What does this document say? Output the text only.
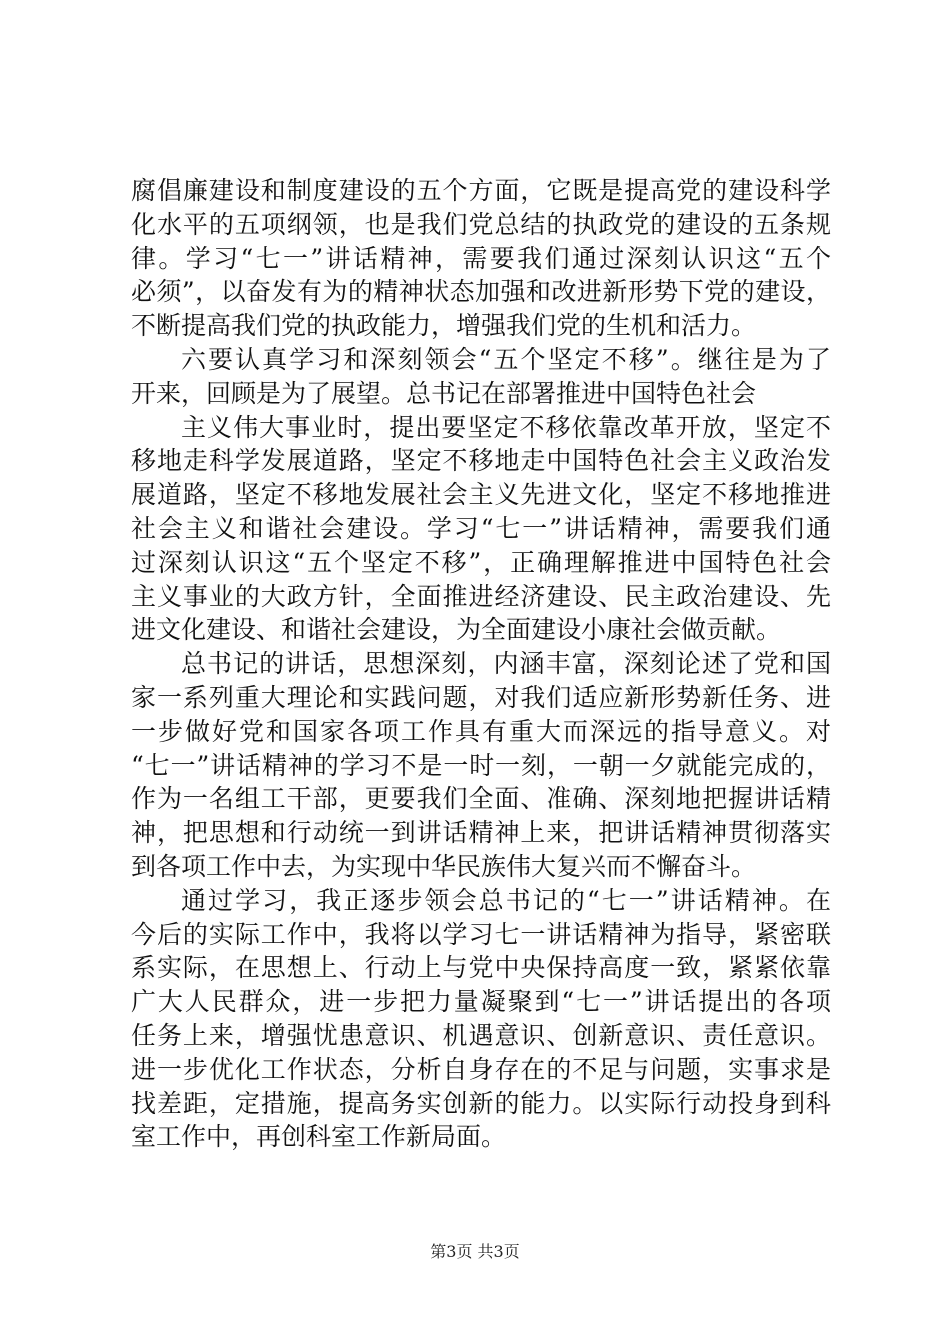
腐倡廉建设和制度建设的五个方面，它既是提高党的建设科学
化水平的五项纲领，也是我们党总结的执政党的建设的五条规
律。学习“七一”讲话精神，需要我们通过深刻认识这“五个
必须”，以奋发有为的精神状态加强和改进新形势下党的建设，
不断提高我们党的执政能力，增强我们党的生机和活力。
六要认真学习和深刻领会“五个坚定不移”。继往是为了
开来，回顾是为了展望。总书记在部署推进中国特色社会
主义伟大事业时，提出要坚定不移依靠改革开放，坚定不
移地走科学发展道路，坚定不移地走中国特色社会主义政治发
展道路，坚定不移地发展社会主义先进文化，坚定不移地推进
社会主义和谐社会建设。学习“七一”讲话精神，需要我们通
过深刻认识这“五个坚定不移”，正确理解推进中国特色社会
主义事业的大政方针，全面推进经济建设、民主政治建设、先
进文化建设、和谐社会建设，为全面建设小康社会做贡献。
总书记的讲话，思想深刻，内涵丰富，深刻论述了党和国
家一系列重大理论和实践问题，对我们适应新形势新任务、进
一步做好党和国家各项工作具有重大而深远的指导意义。对
“七一”讲话精神的学习不是一时一刻，一朝一夕就能完成的，
作为一名组工干部，更要我们全面、准确、深刻地把握讲话精
神，把思想和行动统一到讲话精神上来，把讲话精神贯彻落实
到各项工作中去，为实现中华民族伟大复兴而不懈奋斗。
通过学习，我正逐步领会总书记的“七一”讲话精神。在
今后的实际工作中，我将以学习七一讲话精神为指导，紧密联
系实际，在思想上、行动上与党中央保持高度一致，紧紧依靠
广大人民群众，进一步把力量凝聚到“七一”讲话提出的各项
任务上来，增强忧患意识、机遇意识、创新意识、责任意识。
进一步优化工作状态，分析自身存在的不足与问题，实事求是
找差距，定措施，提高务实创新的能力。以实际行动投身到科
室工作中，再创科室工作新局面。
第3页 共3页
